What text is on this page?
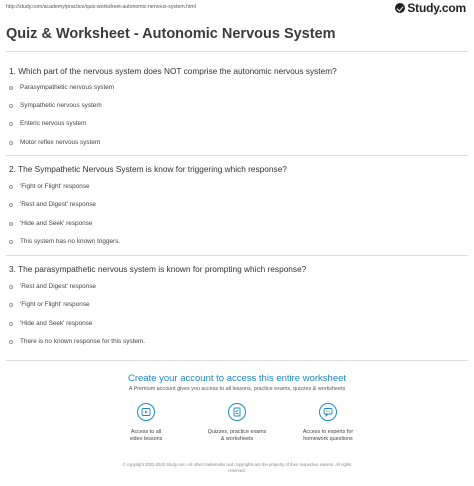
http://study.com/academy/practice/quiz-worksheet-autonomic-nervous-system.html	Study.com
Quiz & Worksheet - Autonomic Nervous System
1. Which part of the nervous system does NOT comprise the autonomic nervous system?
Parasympathetic nervous system
Sympathetic nervous system
Enteric nervous system
Motor reflex nervous system
2. The Sympathetic Nervous System is know for triggering which response?
'Fight or Flight' response
'Rest and Digest' response
'Hide and Seek' response
This system has no known triggers.
3. The parasympathetic nervous system is known for prompting which response?
'Rest and Digest' response
'Fight or Flight' response
'Hide and Seek' response
There is no known response for this system.
Create your account to access this entire worksheet
A Premium account gives you access to all lessons, practice exams, quizzes & worksheets
Access to all
video lessons
Quizzes, practice exams
& worksheets
Access to experts for
homework questions
© copyright 2003-2020 Study.com. All other trademarks and copyrights are the property of their respective owners. All rights
reserved.
